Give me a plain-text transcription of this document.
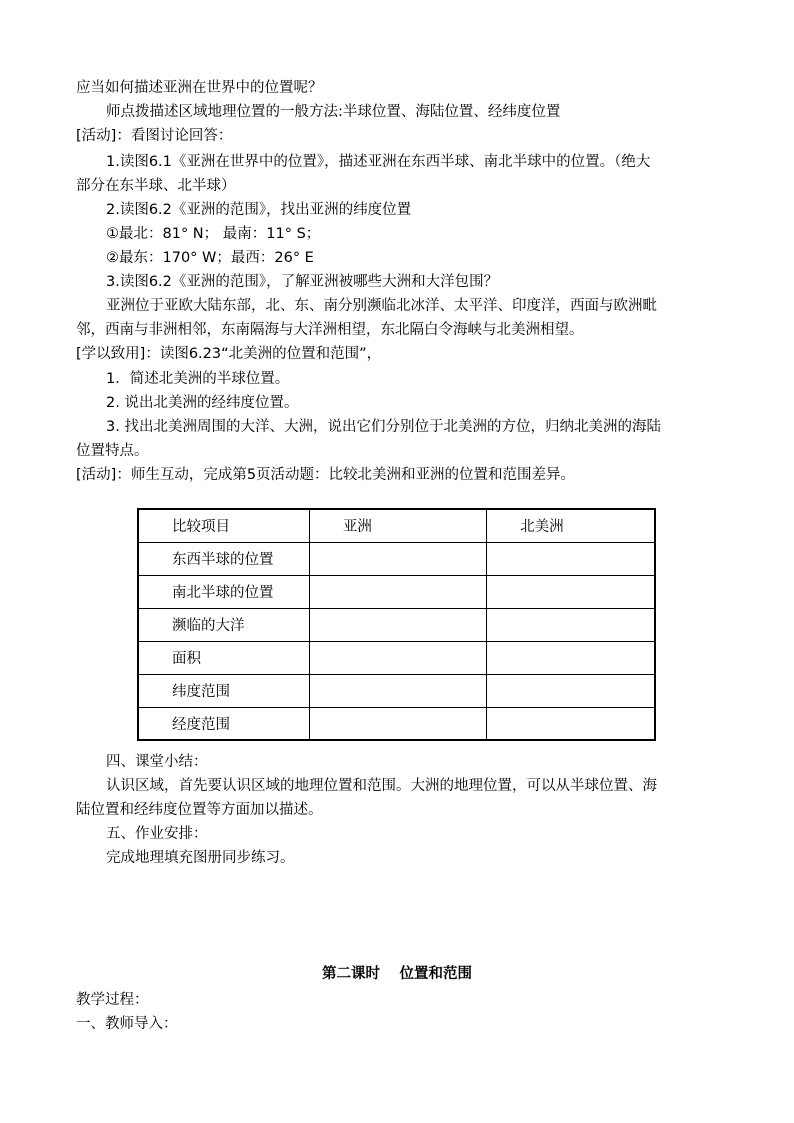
应当如何描述亚洲在世界中的位置呢？
师点拨描述区域地理位置的一般方法:半球位置、海陆位置、经纬度位置
[活动]：看图讨论回答：
1.读图6.1《亚洲在世界中的位置》，描述亚洲在东西半球、南北半球中的位置。（绝大
部分在东半球、北半球）
2.读图6.2《亚洲的范围》，找出亚洲的纬度位置
①最北：81° N； 最南：11° S；
②最东：170° W；最西：26° E
3.读图6.2《亚洲的范围》，了解亚洲被哪些大洲和大洋包围？
亚洲位于亚欧大陆东部，北、东、南分别濒临北冰洋、太平洋、印度洋，西面与欧洲毗
邻，西南与非洲相邻，东南隔海与大洋洲相望，东北隔白令海峡与北美洲相望。
[学以致用]：读图6.23“北美洲的位置和范围”，
1．简述北美洲的半球位置。
2. 说出北美洲的经纬度位置。
3. 找出北美洲周围的大洋、大洲，说出它们分别位于北美洲的方位，归纳北美洲的海陆
位置特点。
[活动]：师生互动，完成第5页活动题：比较北美洲和亚洲的位置和范围差异。
比较项目	亚洲	北美洲
东西半球的位置		
南北半球的位置		
濒临的大洋		
面积		
纬度范围		
经度范围		
四、课堂小结：
认识区域，首先要认识区域的地理位置和范围。大洲的地理位置，可以从半球位置、海
陆位置和经纬度位置等方面加以描述。
五、作业安排：
完成地理填充图册同步练习。
第二课时　 位置和范围
教学过程：
一、教师导入：
